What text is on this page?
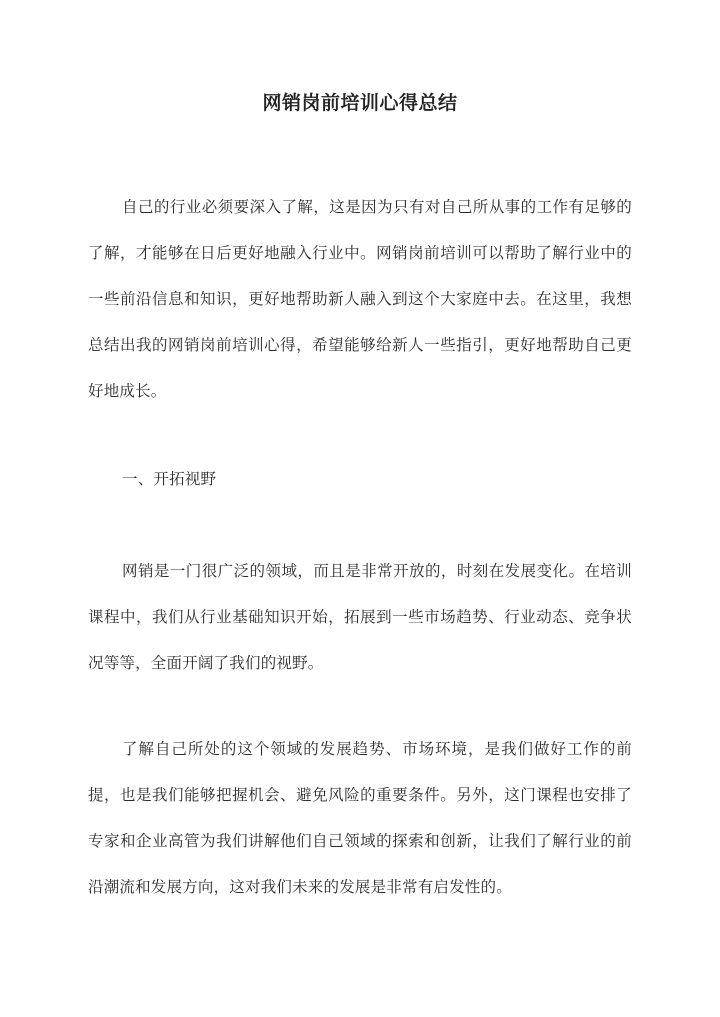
网销岗前培训心得总结

自己的行业必须要深入了解，这是因为只有对自己所从事的工作有足够的了解，才能够在日后更好地融入行业中。网销岗前培训可以帮助了解行业中的一些前沿信息和知识，更好地帮助新人融入到这个大家庭中去。在这里，我想总结出我的网销岗前培训心得，希望能够给新人一些指引，更好地帮助自己更好地成长。

一、开拓视野

网销是一门很广泛的领域，而且是非常开放的，时刻在发展变化。在培训课程中，我们从行业基础知识开始，拓展到一些市场趋势、行业动态、竞争状况等等，全面开阔了我们的视野。

了解自己所处的这个领域的发展趋势、市场环境，是我们做好工作的前提，也是我们能够把握机会、避免风险的重要条件。另外，这门课程也安排了专家和企业高管为我们讲解他们自己领域的探索和创新，让我们了解行业的前沿潮流和发展方向，这对我们未来的发展是非常有启发性的。
